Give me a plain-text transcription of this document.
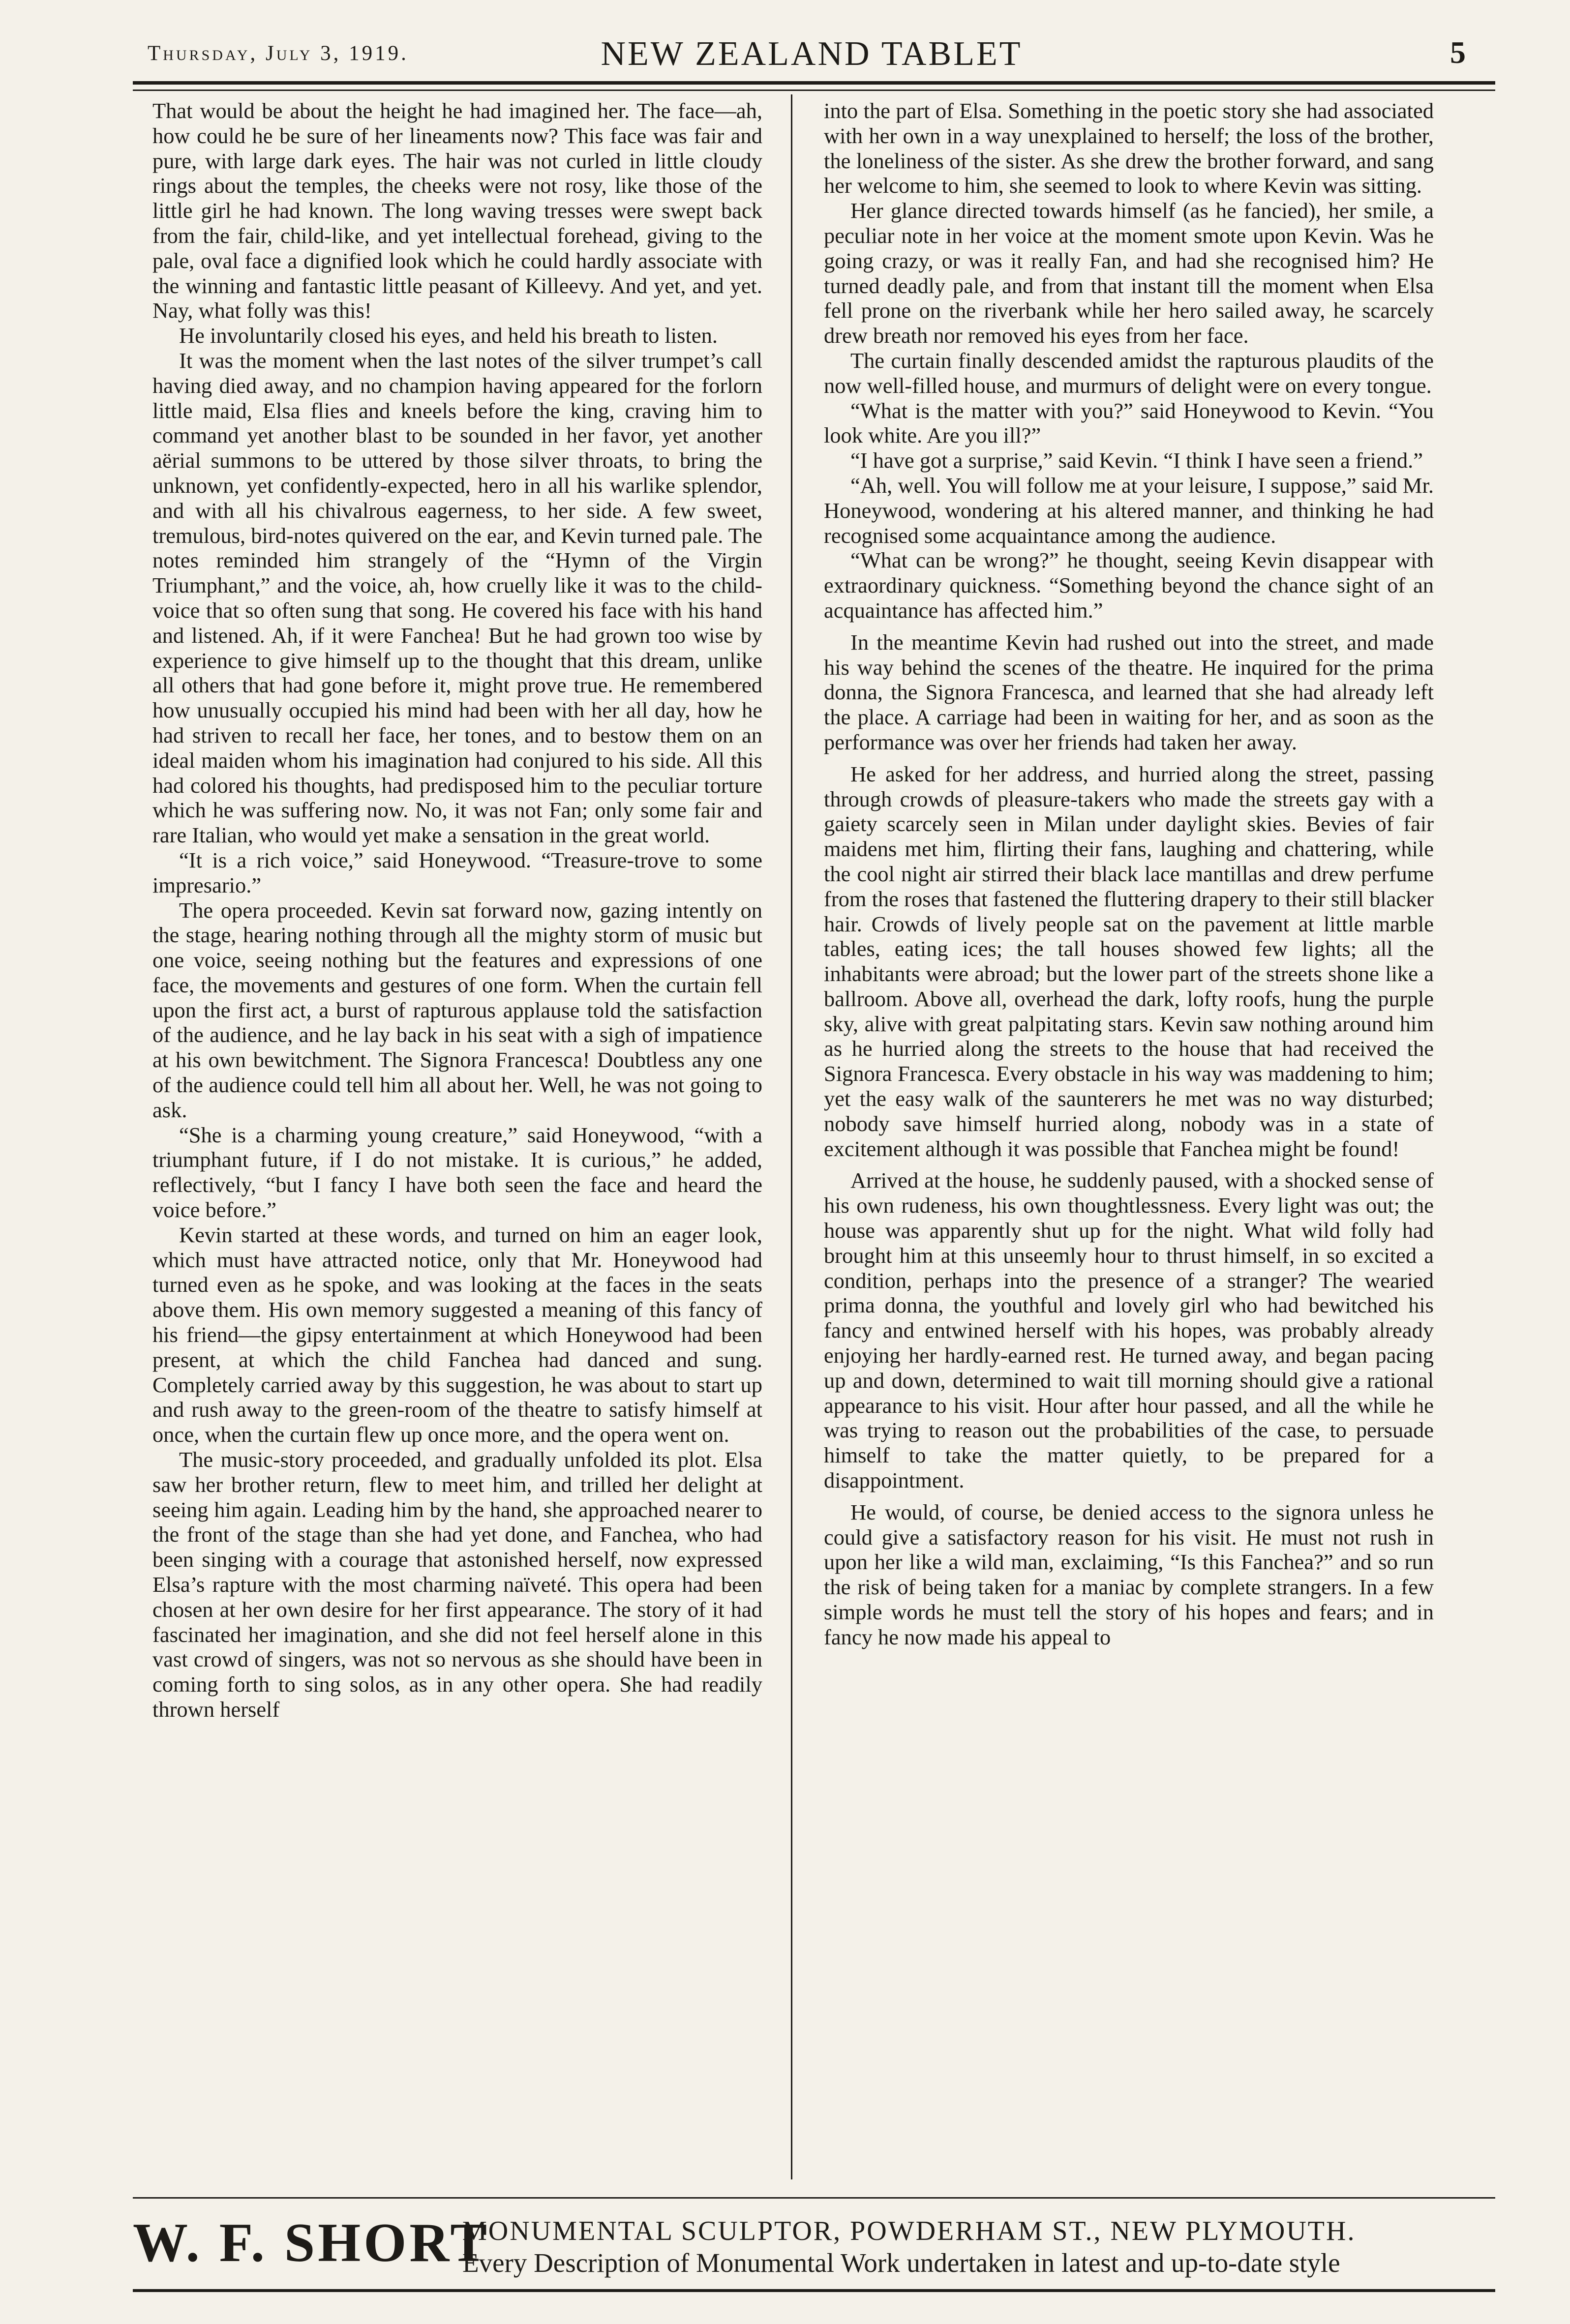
Thursday, July 3, 1919.	NEW ZEALAND TABLET	5

That would be about the height he had imagined her. The face—ah, how could he be sure of her lineaments now? This face was fair and pure, with large dark eyes. The hair was not curled in little cloudy rings about the temples, the cheeks were not rosy, like those of the little girl he had known. The long waving tresses were swept back from the fair, child-like, and yet intellectual forehead, giving to the pale, oval face a dignified look which he could hardly associate with the winning and fantastic little peasant of Killeevy. And yet, and yet. Nay, what folly was this!

He involuntarily closed his eyes, and held his breath to listen.

It was the moment when the last notes of the silver trumpet’s call having died away, and no champion having appeared for the forlorn little maid, Elsa flies and kneels before the king, craving him to command yet another blast to be sounded in her favor, yet another aërial summons to be uttered by those silver throats, to bring the unknown, yet confidently-expected, hero in all his warlike splendor, and with all his chivalrous eagerness, to her side. A few sweet, tremulous, bird-notes quivered on the ear, and Kevin turned pale. The notes reminded him strangely of the “Hymn of the Virgin Triumphant,” and the voice, ah, how cruelly like it was to the child-voice that so often sung that song. He covered his face with his hand and listened. Ah, if it were Fanchea! But he had grown too wise by experience to give himself up to the thought that this dream, unlike all others that had gone before it, might prove true. He remembered how unusually occupied his mind had been with her all day, how he had striven to recall her face, her tones, and to bestow them on an ideal maiden whom his imagination had conjured to his side. All this had colored his thoughts, had predisposed him to the peculiar torture which he was suffering now. No, it was not Fan; only some fair and rare Italian, who would yet make a sensation in the great world.

“It is a rich voice,” said Honeywood. “Treasure-trove to some impresario.”

The opera proceeded. Kevin sat forward now, gazing intently on the stage, hearing nothing through all the mighty storm of music but one voice, seeing nothing but the features and expressions of one face, the movements and gestures of one form. When the curtain fell upon the first act, a burst of rapturous applause told the satisfaction of the audience, and he lay back in his seat with a sigh of impatience at his own bewitchment. The Signora Francesca! Doubtless any one of the audience could tell him all about her. Well, he was not going to ask.

“She is a charming young creature,” said Honeywood, “with a triumphant future, if I do not mistake. It is curious,” he added, reflectively, “but I fancy I have both seen the face and heard the voice before.”

Kevin started at these words, and turned on him an eager look, which must have attracted notice, only that Mr. Honeywood had turned even as he spoke, and was looking at the faces in the seats above them. His own memory suggested a meaning of this fancy of his friend—the gipsy entertainment at which Honeywood had been present, at which the child Fanchea had danced and sung. Completely carried away by this suggestion, he was about to start up and rush away to the green-room of the theatre to satisfy himself at once, when the curtain flew up once more, and the opera went on.

The music-story proceeded, and gradually unfolded its plot. Elsa saw her brother return, flew to meet him, and trilled her delight at seeing him again. Leading him by the hand, she approached nearer to the front of the stage than she had yet done, and Fanchea, who had been singing with a courage that astonished herself, now expressed Elsa’s rapture with the most charming naïveté. This opera had been chosen at her own desire for her first appearance. The story of it had fascinated her imagination, and she did not feel herself alone in this vast crowd of singers, was not so nervous as she should have been in coming forth to sing solos, as in any other opera. She had readily thrown herself

into the part of Elsa. Something in the poetic story she had associated with her own in a way unexplained to herself; the loss of the brother, the loneliness of the sister. As she drew the brother forward, and sang her welcome to him, she seemed to look to where Kevin was sitting.

Her glance directed towards himself (as he fancied), her smile, a peculiar note in her voice at the moment smote upon Kevin. Was he going crazy, or was it really Fan, and had she recognised him? He turned deadly pale, and from that instant till the moment when Elsa fell prone on the riverbank while her hero sailed away, he scarcely drew breath nor removed his eyes from her face.

The curtain finally descended amidst the rapturous plaudits of the now well-filled house, and murmurs of delight were on every tongue.

“What is the matter with you?” said Honeywood to Kevin. “You look white. Are you ill?”

“I have got a surprise,” said Kevin. “I think I have seen a friend.”

“Ah, well. You will follow me at your leisure, I suppose,” said Mr. Honeywood, wondering at his altered manner, and thinking he had recognised some acquaintance among the audience.

“What can be wrong?” he thought, seeing Kevin disappear with extraordinary quickness. “Something beyond the chance sight of an acquaintance has affected him.”

In the meantime Kevin had rushed out into the street, and made his way behind the scenes of the theatre. He inquired for the prima donna, the Signora Francesca, and learned that she had already left the place. A carriage had been in waiting for her, and as soon as the performance was over her friends had taken her away.

He asked for her address, and hurried along the street, passing through crowds of pleasure-takers who made the streets gay with a gaiety scarcely seen in Milan under daylight skies. Bevies of fair maidens met him, flirting their fans, laughing and chattering, while the cool night air stirred their black lace mantillas and drew perfume from the roses that fastened the fluttering drapery to their still blacker hair. Crowds of lively people sat on the pavement at little marble tables, eating ices; the tall houses showed few lights; all the inhabitants were abroad; but the lower part of the streets shone like a ballroom. Above all, overhead the dark, lofty roofs, hung the purple sky, alive with great palpitating stars. Kevin saw nothing around him as he hurried along the streets to the house that had received the Signora Francesca. Every obstacle in his way was maddening to him; yet the easy walk of the saunterers he met was no way disturbed; nobody save himself hurried along, nobody was in a state of excitement although it was possible that Fanchea might be found!

Arrived at the house, he suddenly paused, with a shocked sense of his own rudeness, his own thoughtlessness. Every light was out; the house was apparently shut up for the night. What wild folly had brought him at this unseemly hour to thrust himself, in so excited a condition, perhaps into the presence of a stranger? The wearied prima donna, the youthful and lovely girl who had bewitched his fancy and entwined herself with his hopes, was probably already enjoying her hardly-earned rest. He turned away, and began pacing up and down, determined to wait till morning should give a rational appearance to his visit. Hour after hour passed, and all the while he was trying to reason out the probabilities of the case, to persuade himself to take the matter quietly, to be prepared for a disappointment.

He would, of course, be denied access to the signora unless he could give a satisfactory reason for his visit. He must not rush in upon her like a wild man, exclaiming, “Is this Fanchea?” and so run the risk of being taken for a maniac by complete strangers. In a few simple words he must tell the story of his hopes and fears; and in fancy he now made his appeal to

W. F. SHORT
MONUMENTAL SCULPTOR, POWDERHAM ST., NEW PLYMOUTH.
Every Description of Monumental Work undertaken in latest and up-to-date style
